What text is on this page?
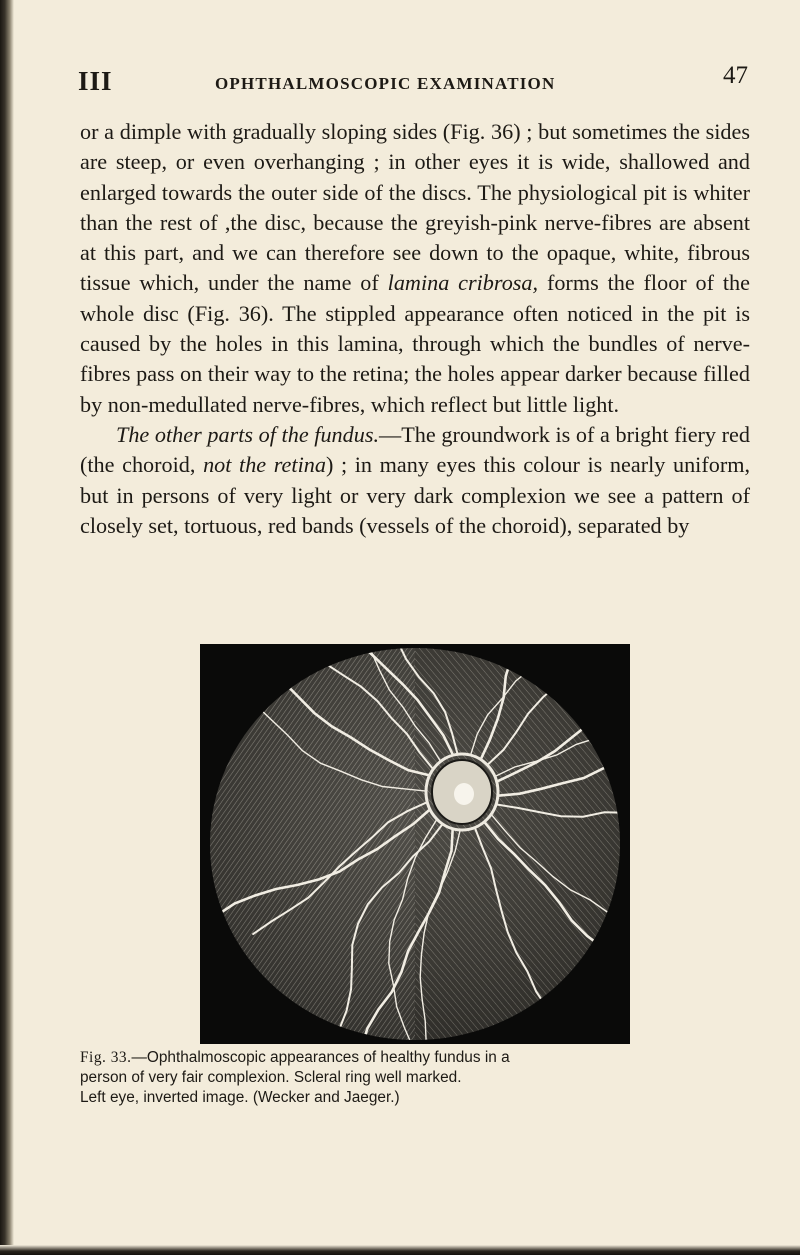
III	OPHTHALMOSCOPIC EXAMINATION	47

or a dimple with gradually sloping sides (Fig. 36) ; but sometimes the sides are steep, or even overhanging ; in other eyes it is wide, shallowed and enlarged towards the outer side of the discs. The physiological pit is whiter than the rest of ,the disc, because the greyish-pink nerve-fibres are absent at this part, and we can therefore see down to the opaque, white, fibrous tissue which, under the name of lamina cribrosa, forms the floor of the whole disc (Fig. 36). The stippled appearance often noticed in the pit is caused by the holes in this lamina, through which the bundles of nerve-fibres pass on their way to the retina; the holes appear darker because filled by non-medullated nerve-fibres, which reflect but little light.

The other parts of the fundus.—The groundwork is of a bright fiery red (the choroid, not the retina) ; in many eyes this colour is nearly uniform, but in persons of very light or very dark complexion we see a pattern of closely set, tortuous, red bands (vessels of the choroid), separated by

Fig. 33.—Ophthalmoscopic appearances of healthy fundus in a
person of very fair complexion. Scleral ring well marked.
Left eye, inverted image. (Wecker and Jaeger.)
